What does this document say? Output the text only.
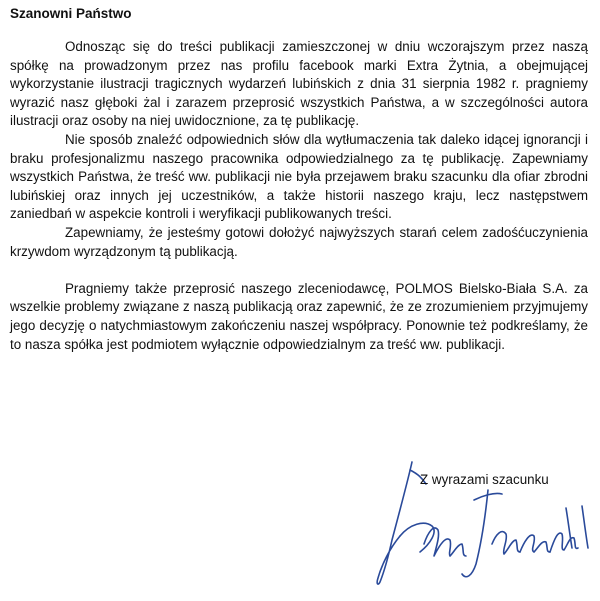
Szanowni Państwo

Odnosząc się do treści publikacji zamieszczonej w dniu wczorajszym przez naszą spółkę na prowadzonym przez nas profilu facebook marki Extra Żytnia, a obejmującej wykorzystanie ilustracji tragicznych wydarzeń lubińskich z dnia 31 sierpnia 1982 r. pragniemy wyrazić nasz głęboki żal i zarazem przeprosić wszystkich Państwa, a w szczególności autora ilustracji oraz osoby na niej uwidocznione, za tę publikację.

Nie sposób znaleźć odpowiednich słów dla wytłumaczenia tak daleko idącej ignorancji i braku profesjonalizmu naszego pracownika odpowiedzialnego za tę publikację. Zapewniamy wszystkich Państwa, że treść ww. publikacji nie była przejawem braku szacunku dla ofiar zbrodni lubińskiej oraz innych jej uczestników, a także historii naszego kraju, lecz następstwem zaniedbań w aspekcie kontroli i weryfikacji publikowanych treści.

Zapewniamy, że jesteśmy gotowi dołożyć najwyższych starań celem zadośćuczynienia krzywdom wyrządzonym tą publikacją.

Pragniemy także przeprosić naszego zleceniodawcę, POLMOS Bielsko-Biała S.A. za wszelkie problemy związane z naszą publikacją oraz zapewnić, że ze zrozumieniem przyjmujemy jego decyzję o natychmiastowym zakończeniu naszej współpracy. Ponownie też podkreślamy, że to nasza spółka jest podmiotem wyłącznie odpowiedzialnym za treść ww. publikacji.

Z wyrazami szacunku
